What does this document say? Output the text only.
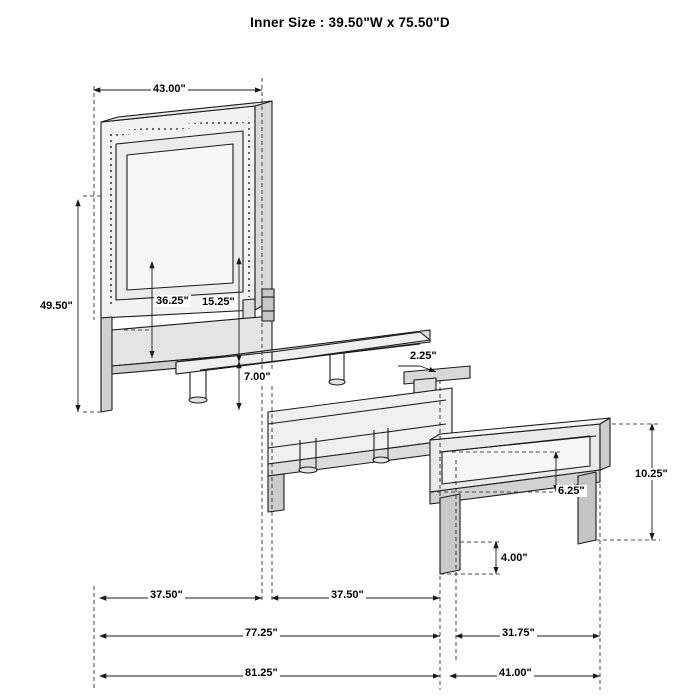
Inner Size : 39.50"W x 75.50"D
43.00"
49.50"	36.25" 15.25"
7.00"
2.25"
6.25"
4.00"
10.25"
37.50"	37.50"
77.25"	31.75"
81.25"	41.00"
